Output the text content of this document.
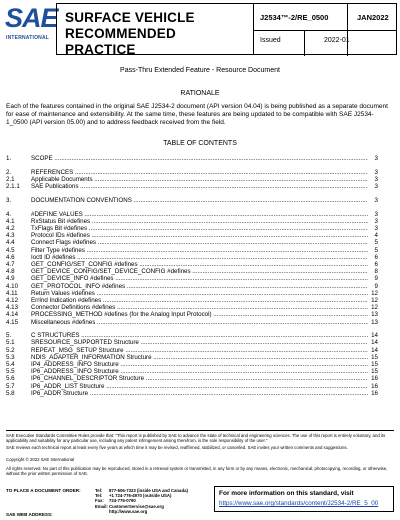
SAE
INTERNATIONAL
SURFACE VEHICLE
RECOMMENDED PRACTICE
J2534™-2/RE_0500	JAN2022
Issued	2022-01
Pass-Thru Extended Feature - Resource Document
RATIONALE
Each of the features contained in the original SAE J2534-2 document (API version 04.04) is being published as a separate document for ease of maintenance and extensibility. At the same time, these features are being updated to be compatible with SAE J2534-1_0500 (API version 05.00) and to address feedback received from the field.
TABLE OF CONTENTS
1.	SCOPE .....	3
2.	REFERENCES .....	3
2.1	Applicable Documents .....	3
2.1.1 SAE Publications .....	3
3.	DOCUMENTATION CONVENTIONS .....	3
4.	#DEFINE VALUES .....	3
4.1	RxStatus Bit #defines .....	3
4.2	TxFlags Bit #defines .....	3
4.3	Protocol IDs #defines .....	4
4.4	Connect Flags #defines .....	5
4.5	Filter Type #defines .....	5
4.6	Ioctl ID #defines .....	6
4.7	GET_CONFIG/SET_CONFIG #defines .....	6
4.8	GET_DEVICE_CONFIG/SET_DEVICE_CONFIG #defines .....	8
4.9	GET_DEVICE_INFO #defines .....	9
4.10 GET_PROTOCOL_INFO #defines .....	9
4.11 Return Values #defines .....	12
4.12 ErrInd Indication #defines .....	12
4.13 Connector Definitions #defines .....	12
4.14 PROCESSING_METHOD #defines (for the Analog Input Protocol) .....	13
4.15 Miscellaneous #defines .....	13
5.	C STRUCTURES .....	14
5.1	SRESOURCE_SUPPORTED Structure .....	14
5.2	REPEAT_MSG_SETUP Structure .....	14
5.3	NDIS_ADAPTER_INFORMATION Structure .....	15
5.4	IP4_ADDRESS_INFO Structure .....	15
5.5	IP6_ADDRESS_INFO Structure .....	15
5.6	IP6_CHANNEL_DESCRIPTOR Structure .....	16
5.7	IP6_ADDR_LIST Structure .....	16
5.8	IP6_ADDR Structure .....	16
SAE Executive Standards Committee Rules provide that: "This report is published by SAE to advance the state of technical and engineering sciences. The use of this report is entirely voluntary, and its applicability and suitability for any particular use, including any patent infringement arising therefrom, is the sole responsibility of the user."
SAE reviews each technical report at least every five years at which time it may be revised, reaffirmed, stabilized, or cancelled. SAE invites your written comments and suggestions.
Copyright © 2022 SAE International
All rights reserved. No part of this publication may be reproduced, stored in a retrieval system or transmitted, in any form or by any means, electronic, mechanical, photocopying, recording, or otherwise, without the prior written permission of SAE.
TO PLACE A DOCUMENT ORDER:
SAE WEB ADDRESS:
Tel: 877-606-7323 (inside USA and Canada)
Tel: +1 724-776-4970 (outside USA)
Fax: 724-776-0790
Email:CustomerService@sae.org
http://www.sae.org
For more information on this standard, visit
https://www.sae.org/standards/content/J2534-2/RE_5_00
